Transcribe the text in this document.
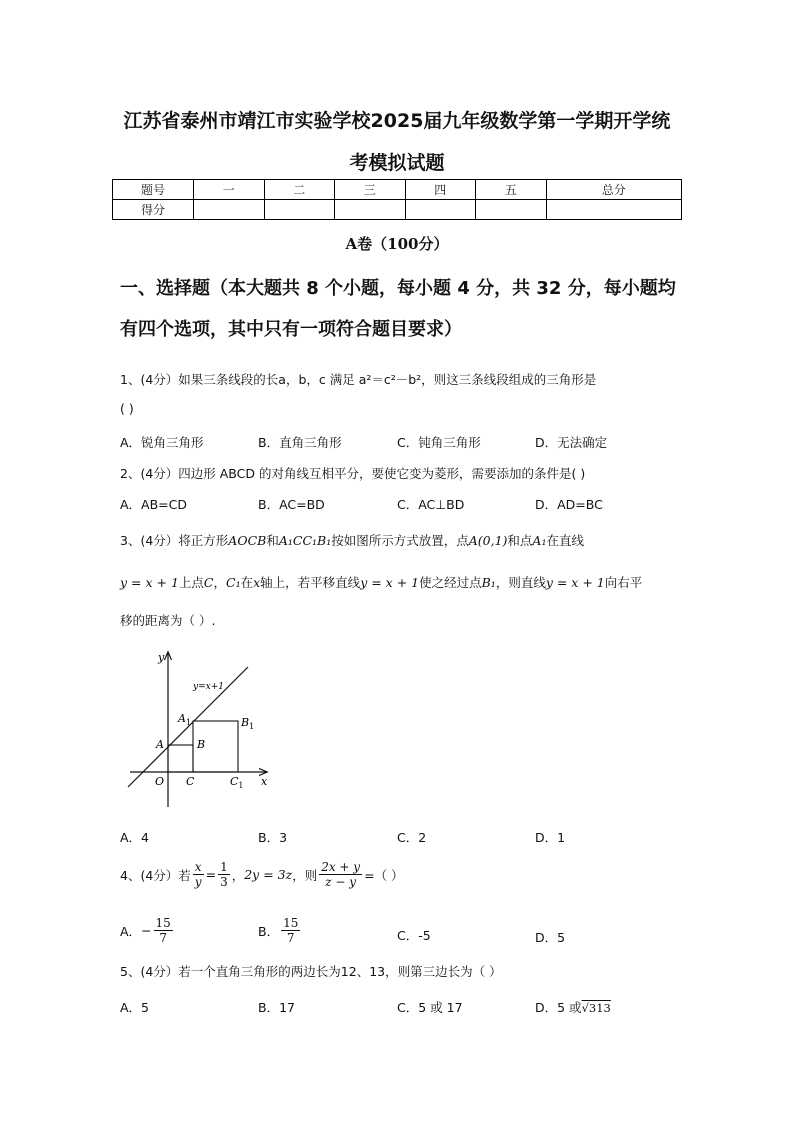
江苏省泰州市靖江市实验学校2025届九年级数学第一学期开学统
考模拟试题
题号	一	二	三	四	五	总分
得分						
A卷（100分）
一、选择题（本大题共 8 个小题，每小题 4 分，共 32 分，每小题均
有四个选项，其中只有一项符合题目要求）
1、(4分）如果三条线段的长a，b，c 满足 a²＝c²－b²，则这三条线段组成的三角形是
( )
A．锐角三角形	B．直角三角形	C．钝角三角形	D．无法确定
2、(4分）四边形 ABCD 的对角线互相平分，要使它变为菱形，需要添加的条件是( )
A．AB=CD	B．AC=BD	C．AC⊥BD	D．AD=BC
3、(4分）将正方形AOCB和A₁CC₁B₁按如图所示方式放置，点A(0,1)和点A₁在直线
y = x + 1上点C，C₁在x轴上，若平移直线y = x + 1使之经过点B₁，则直线y = x + 1向右平
移的距离为（ ）.
y
x
O
A	B
C
$A_1$	$B_1$
$C_1$
y=x+1
A．4	B．3	C．2	D．1
4、(4分）若 $\frac{x}{y} = \frac{1}{3}$ ， 2y = 3z ，则 $\frac{2x + y}{z - y}$ =（ ）
A． − $\frac{15}{7}$	B． $\frac{15}{7}$	C．-5	D．5
5、(4分）若一个直角三角形的两边长为12、13，则第三边长为（ ）
A．5	B．17	C．5 或 17	D．5 或√313
